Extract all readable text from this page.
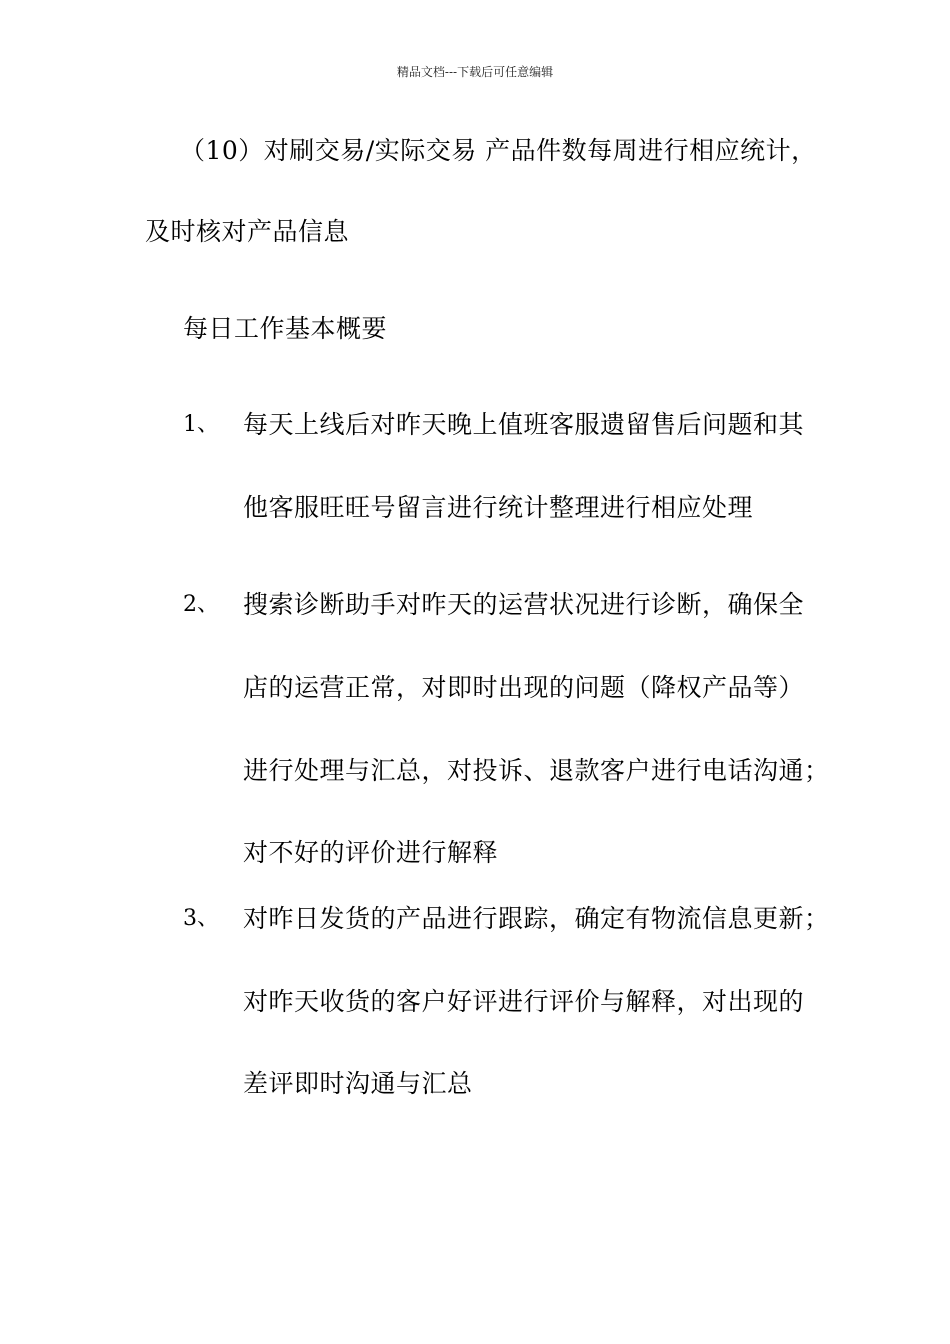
精品文档---下载后可任意编辑
（10）对刷交易/实际交易 产品件数每周进行相应统计，
及时核对产品信息
每日工作基本概要
1、 每天上线后对昨天晚上值班客服遗留售后问题和其
他客服旺旺号留言进行统计整理进行相应处理
2、 搜索诊断助手对昨天的运营状况进行诊断，确保全
店的运营正常，对即时出现的问题（降权产品等）
进行处理与汇总，对投诉、退款客户进行电话沟通；
对不好的评价进行解释
3、 对昨日发货的产品进行跟踪，确定有物流信息更新；
对昨天收货的客户好评进行评价与解释，对出现的
差评即时沟通与汇总
